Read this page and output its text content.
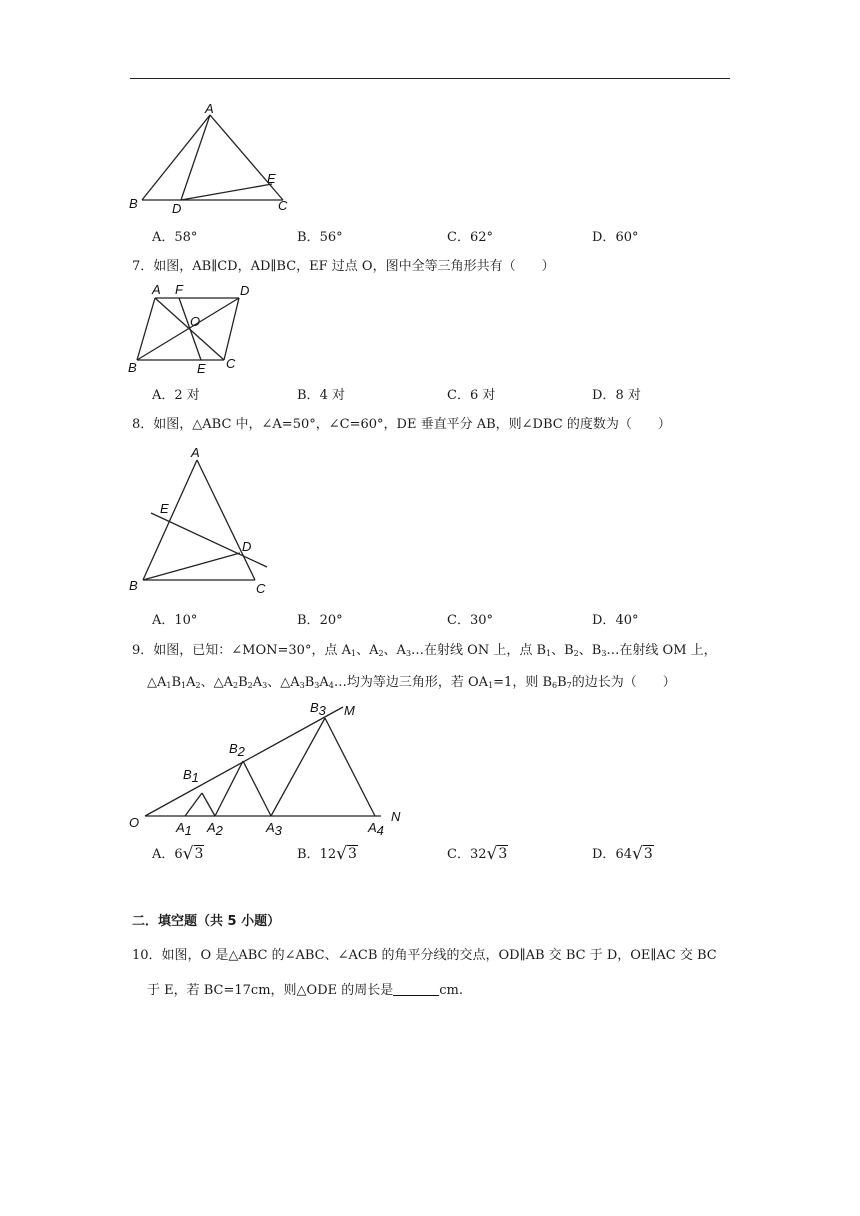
A
B	C
D
E
A．58°	B．56°	C．62°	D．60°
7．如图，AB∥CD，AD∥BC，EF 过点 O，图中全等三角形共有（　　）
A F	D
O
B	E C
A．2 对	B．4 对	C．6 对	D．8 对
8．如图，△ABC 中，∠A=50°，∠C=60°，DE 垂直平分 AB，则∠DBC 的度数为（　　）
A
E
D
B	C
A．10°	B．20°	C．30°	D．40°
9．如图，已知：∠MON=30°，点 $A_1$、$A_2$、$A_3\dots$在射线 ON 上，点 $B_1$、$B_2$、$B_3\dots$在射线 OM 上，
$\triangle A_1B_1A_2$、$\triangle A_2B_2A_3$、$\triangle A_3B_3A_4\dots$均为等边三角形，若 $OA_1=1$，则 $B_6B_7$的边长为（　　）
O	N
M
A1 A2	A3	A4
B1
B2
B3
A．6√3	B．12√3	C．32√3	D．64√3
二．填空题（共 5 小题）
10．如图，O 是△ABC 的∠ABC、∠ACB 的角平分线的交点，OD∥AB 交 BC 于 D，OE∥AC 交 BC
于 E，若 BC=17cm，则△ODE 的周长是	cm.
